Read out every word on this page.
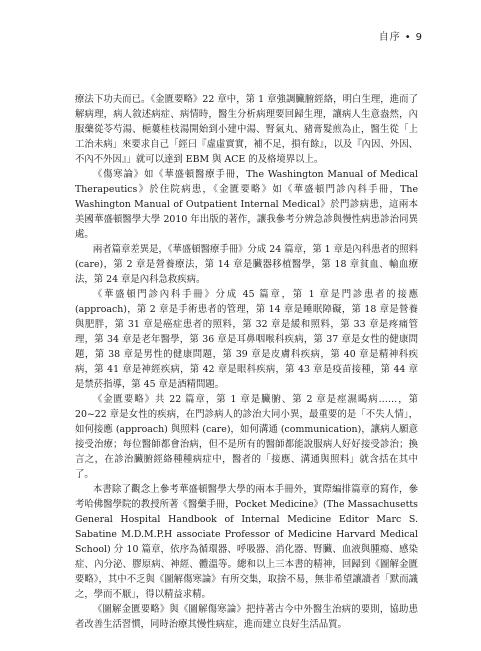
自序 • 9

療法下功夫而已。《金匱要略》22 章中，第 1 章強調臟腑經絡，明白生理，進而了解病理，病人敘述病症、病情時，醫生分析病理要回歸生理，讓病人生意盎然，內服藥從苓芍湯、梔蔞桂枝湯開始到小建中湯、腎氣丸、豬膏髮煎為止，醫生從「上工治未病」來要求自己「經曰『虛虛實實，補不足，損有餘』，以及『內因、外因、不內不外因』」就可以達到 EBM 與 ACE 的及格境界以上。

《傷寒論》如《華盛頓醫療手冊，The Washington Manual of Medical Therapeutics》於住院病患，《金匱要略》如《華盛頓門診內科手冊，The Washington Manual of Outpatient Internal Medical》於門診病患，這兩本美國華盛頓醫學大學 2010 年出版的著作，讓我參考分辨急診與慢性病患診治同異處。

兩者篇章差異是，《華盛頓醫療手冊》分成 24 篇章，第 1 章是內科患者的照料 (care)，第 2 章是營養療法，第 14 章是臟器移植醫學，第 18 章貧血、輸血療法，第 24 章是內科急救疾病。

《華盛頓門診內科手冊》分成 45 篇章，第 1 章是門診患者的接應 (approach)，第 2 章是手術患者的管理，第 14 章是睡眠障礙，第 18 章是營養與肥胖，第 31 章是癌症患者的照料，第 32 章是緩和照料，第 33 章是疼痛管理，第 34 章是老年醫學，第 36 章是耳鼻咽喉科疾病，第 37 章是女性的健康問題，第 38 章是男性的健康問題，第 39 章是皮膚科疾病，第 40 章是精神科疾病，第 41 章是神經疾病，第 42 章是眼科疾病，第 43 章是疫苗接種，第 44 章是禁菸指導，第 45 章是酒精問題。

《金匱要略》共 22 篇章，第 1 章是臟腑、第 2 章是痙濕暍病……，第 20~22 章是女性的疾病，在門診病人的診治大同小異，最重要的是「不失人情」，如何接應 (approach) 與照料 (care)，如何溝通 (communication)，讓病人願意接受治療；每位醫師都會治病，但不是所有的醫師都能說服病人好好接受診治；換言之，在診治臟腑經絡種種病症中，醫者的「接應、溝通與照料」就含括在其中了。

本書除了觀念上參考華盛頓醫學大學的兩本手冊外，實際編排篇章的寫作，參考哈佛醫學院的教授所著《醫藥手冊，Pocket Medicine》(The Massachusetts General Hospital Handbook of Internal Medicine Editor Marc S. Sabatine M.D.M.P.H associate Professor of Medicine Harvard Medical School) 分 10 篇章，依序為循環器、呼吸器、消化器、腎臟、血液與腫瘍、感染症、內分泌、膠原病、神經、體溫等。總和以上三本書的精神，回歸到《圖解金匱要略》，其中不乏與《圖解傷寒論》有所交集，取捨不易，無非希望讓讀者「默而識之，學而不厭」，得以精益求精。

《圖解金匱要略》與《圖解傷寒論》把持著古今中外醫生治病的要則，協助患者改善生活習慣，同時治療其慢性病症，進而建立良好生活品質。
